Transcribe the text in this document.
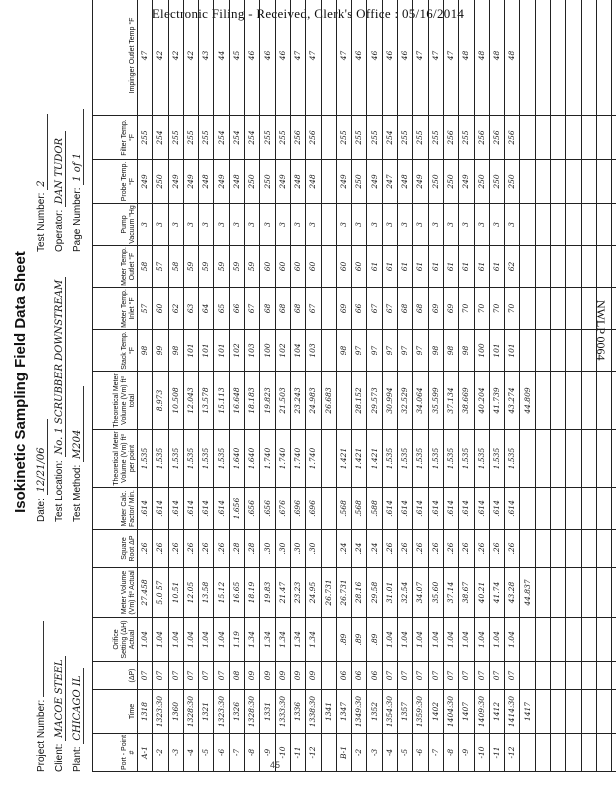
Electronic Filing - Received, Clerk's Office : 05/16/2014
Isokinetic Sampling Field Data Sheet
Project Number: Client: MACOE STEEL
Plant: CHICAGO IL
Date: 12/21/06 Test Location: No. 1 SCRUBBER DOWNSTREAM
Test Method: M204
Test Number: 2
Operator: DAN TUDOR
Page Number: 1 of 1
Port - Point #	Time	(ΔP)	Orifice Setting (ΔH) Actual	Meter Volume (Vm) ft³ Actual	Square Root ΔP	Meter Calc. Factor/ Min.	Theoretical Meter Volume (Vm) ft³ per point	Theoretical Meter Volume (Vm) ft³ total	Stack Temp. °F	Meter Temp. Inlet °F	Meter Temp. Outlet °F	Pump Vacuum "Hg	Probe Temp. °F	Filter Temp. °F	Impinger Outlet Temp °F
A-1	1318	07	1.04	27.458	.26	.614	1.535		98	57	58	3	249	255	47
-2	1323:30	07	1.04	5.0 57	.26	.614	1.535	8.973	99	60	57	3	250	254	42
-3	1360	07	1.04	10.51	.26	.614	1.535	10.508	98	62	58	3	249	255	42
-4	1328:30	07	1.04	12.05	.26	.614	1.535	12.043	101	63	59	3	249	255	42
-5	1321	07	1.04	13.58	.26	.614	1.535	13.578	101	64	59	3	248	255	43
-6	1323:30	07	1.04	15.12	.26	.614	1.535	15.113	101	65	59	3	249	254	44
-7	1326	08	1.19	16.65	.28	1.656	1.640	16.648	102	66	59	3	248	254	45
-8	1328:30	09	1.34	18.19	.28	.656	1.640	18.183	103	67	59	3	250	254	46
-9	1331	09	1.34	19.83	.30	.656	1.740	19.823	100	68	60	3	250	255	46
-10	1333:30	09	1.34	21.47	.30	.676	1.740	21.503	102	68	60	3	249	255	46
-11	1336	09	1.34	23.23	.30	.696	1.740	23.243	104	68	60	3	248	256	47
-12	1338:30	09	1.34	24.95	.30	.696	1.740	24.983	103	67	60	3	248	256	47
	1341			26.731				26.683							
B-1	1347	06	.89	26.731	.24	.568	1.421		98	69	60	3	249	255	47
-2	1349:30	06	.89	28.16	.24	.568	1.421	28.152	97	66	60	3	250	255	46
-3	1352	06	.89	29.58	.24	.588	1.421	29.573	97	67	61	3	249	255	46
-4	1354:30	07	1.04	31.01	.26	.614	1.535	30.994	97	67	61	3	247	254	46
-5	1357	07	1.04	32.54	.26	.614	1.535	32.529	97	68	61	3	248	255	46
-6	1359:30	07	1.04	34.07	.26	.614	1.535	34.064	97	68	61	3	249	255	47
-7	1402	07	1.04	35.60	.26	.614	1.535	35.599	98	69	61	3	250	255	47
-8	1404:30	07	1.04	37.14	.26	.614	1.535	37.134	98	69	61	3	250	256	47
-9	1407	07	1.04	38.67	.26	.614	1.535	38.669	98	70	61	3	249	255	48
-10	1409:30	07	1.04	40.21	.26	.614	1.535	40.204	100	70	61	3	250	256	48
-11	1412	07	1.04	41.74	.26	.614	1.535	41.739	101	70	61	3	250	256	48
-12	1414:30	07	1.04	43.28	.26	.614	1.535	43.274	101	70	62	3	250	256	48
	1417			44.837				44.809							

NWLP 0064
45
